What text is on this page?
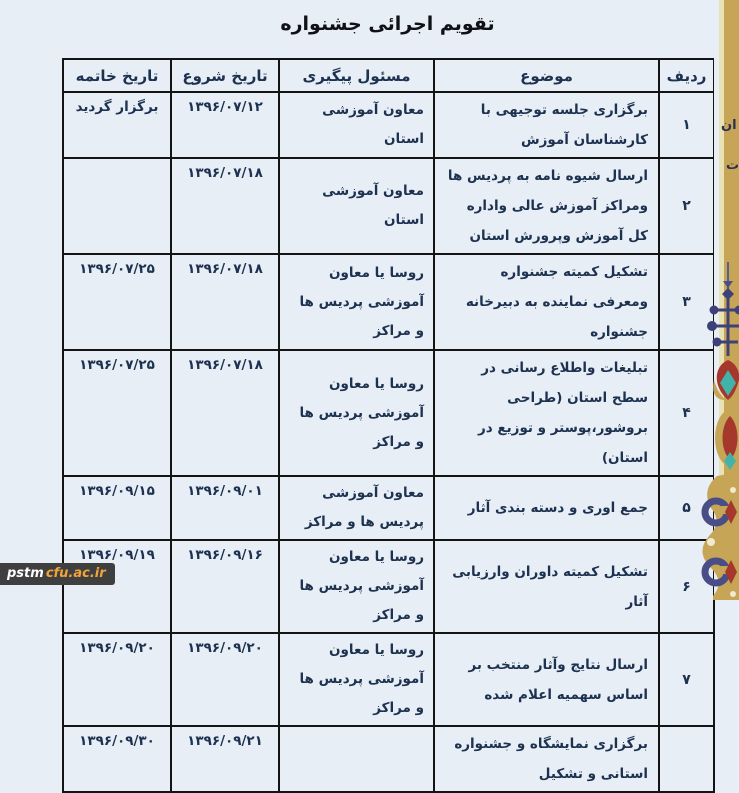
تقویم اجرائی جشنواره
ردیف	موضوع	مسئول پیگیری	تاریخ شروع	تاریخ خاتمه
۱	برگزاری جلسه توجیهی با کارشناسان آموزش	معاون آموزشی استان	۱۳۹۶/۰۷/۱۲	برگزار گردید
۲	ارسال شیوه نامه به پردیس ها ومراکز آموزش عالی واداره کل آموزش وپرورش استان	معاون آموزشی استان	۱۳۹۶/۰۷/۱۸	
۳	تشکیل کمیته جشنواره ومعرفی نماینده به دبیرخانه جشنواره	روسا یا معاون آموزشی پردیس ها و مراکز	۱۳۹۶/۰۷/۱۸	۱۳۹۶/۰۷/۲۵
۴	تبلیغات واطلاع رسانی در سطح استان (طراحی بروشور،پوستر و توزیع در استان)	روسا یا معاون آموزشی پردیس ها و مراکز	۱۳۹۶/۰۷/۱۸	۱۳۹۶/۰۷/۲۵
۵	جمع اوری و دسته بندی آثار	معاون آموزشی پردیس ها و مراکز	۱۳۹۶/۰۹/۰۱	۱۳۹۶/۰۹/۱۵
۶	تشکیل کمیته داوران وارزیابی آثار	روسا یا معاون آموزشی پردیس ها و مراکز	۱۳۹۶/۰۹/۱۶	۱۳۹۶/۰۹/۱۹
۷	ارسال نتایج وآثار منتخب بر اساس سهمیه اعلام شده	روسا یا معاون آموزشی پردیس ها و مراکز	۱۳۹۶/۰۹/۲۰	۱۳۹۶/۰۹/۲۰
	برگزاری نمایشگاه و جشنواره استانی و تشکیل		۱۳۹۶/۰۹/۲۱	۱۳۹۶/۰۹/۳۰
ان
ت
pstm cfu.ac.ir
